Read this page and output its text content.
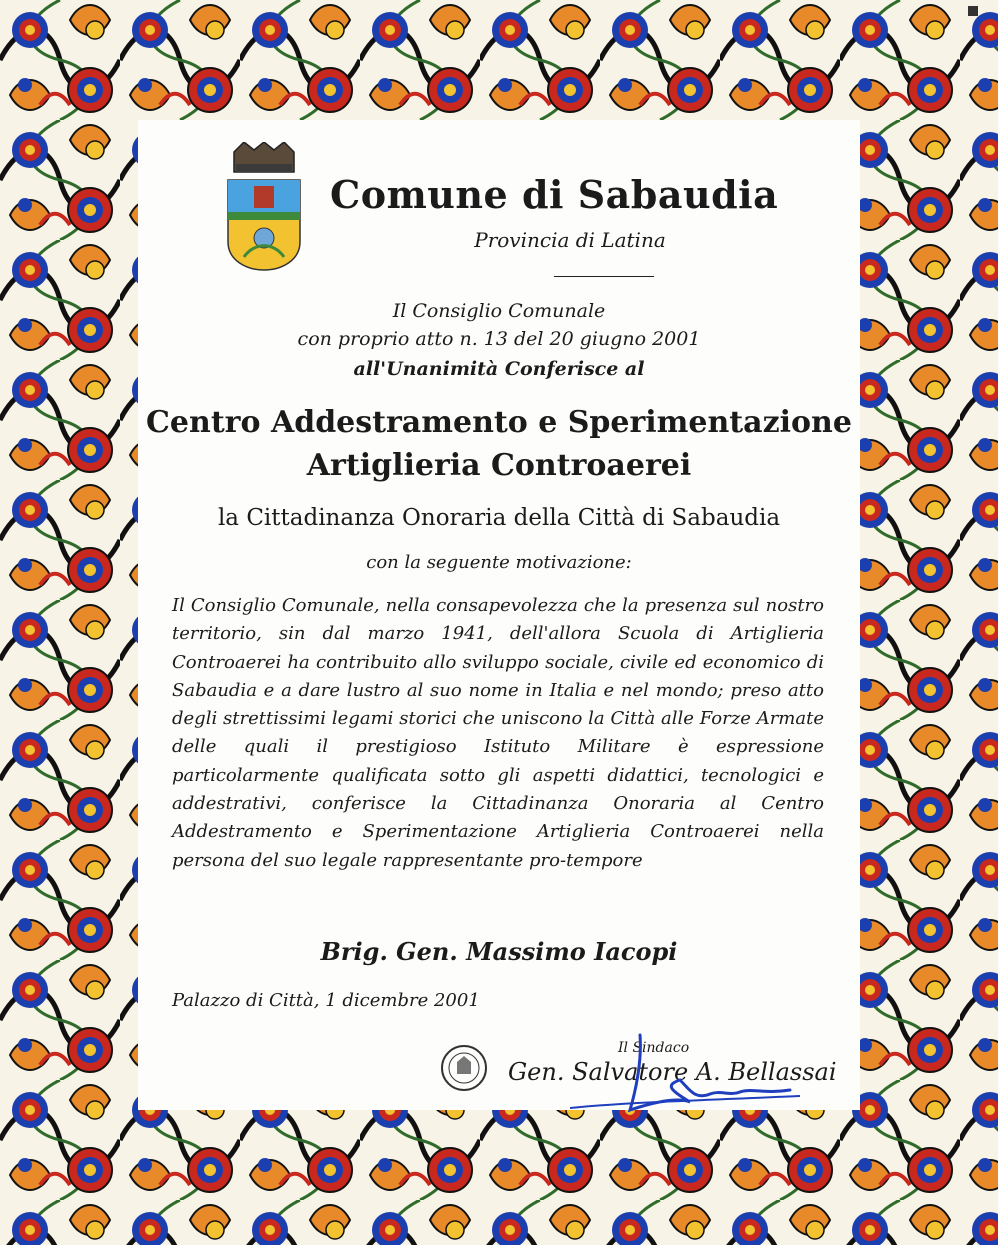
Comune di Sabaudia
Provincia di Latina
Il Consiglio Comunale
con proprio atto n. 13 del 20 giugno 2001
all'Unanimità Conferisce al
Centro Addestramento e Sperimentazione
Artiglieria Controaerei
la Cittadinanza Onoraria della Città di Sabaudia
con la seguente motivazione:
Il Consiglio Comunale, nella consapevolezza che la presenza sul nostro territorio, sin dal marzo 1941, dell'allora Scuola di Artiglieria Controaerei ha contribuito allo sviluppo sociale, civile ed economico di Sabaudia e a dare lustro al suo nome in Italia e nel mondo; preso atto degli strettissimi legami storici che uniscono la Città alle Forze Armate delle quali il prestigioso Istituto Militare è espressione particolarmente qualificata sotto gli aspetti didattici, tecnologici e addestrativi, conferisce la Cittadinanza Onoraria al Centro Addestramento e Sperimentazione Artiglieria Controaerei nella persona del suo legale rappresentante pro-tempore
Brig. Gen. Massimo Iacopi
Palazzo di Città, 1 dicembre 2001
Il Sindaco
Gen. Salvatore A. Bellassai
